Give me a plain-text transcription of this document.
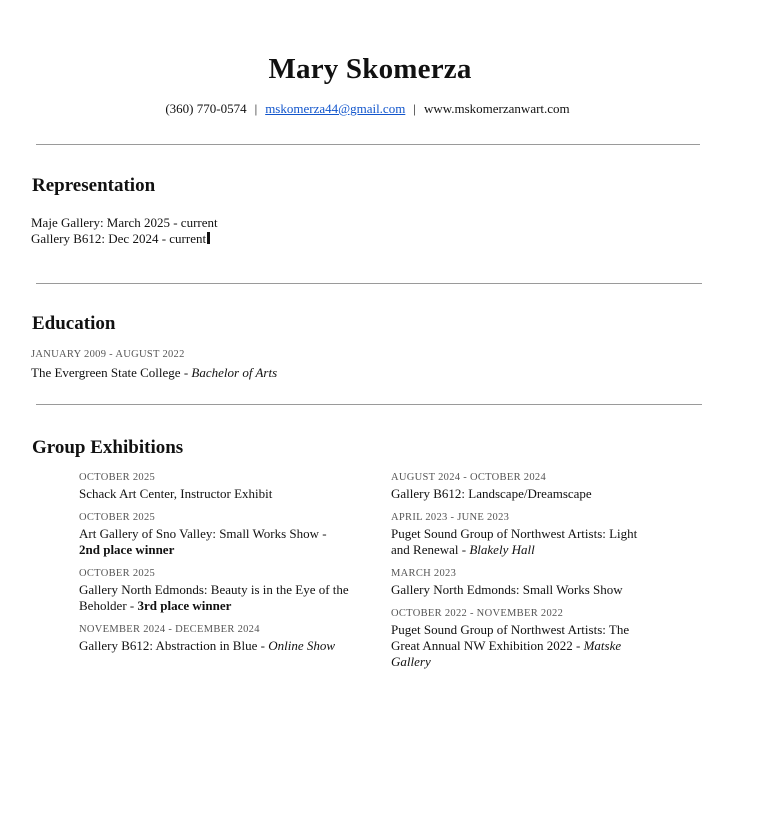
Mary Skomerza
(360) 770-0574 | mskomerza44@gmail.com | www.mskomerzanwart.com
Representation
Maje Gallery: March 2025 - current
Gallery B612: Dec 2024 - current
Education
JANUARY 2009 - AUGUST 2022
The Evergreen State College - Bachelor of Arts
Group Exhibitions
OCTOBER 2025
Schack Art Center, Instructor Exhibit
OCTOBER 2025
Art Gallery of Sno Valley: Small Works Show - 2nd place winner
OCTOBER 2025
Gallery North Edmonds: Beauty is in the Eye of the Beholder - 3rd place winner
NOVEMBER 2024 - DECEMBER 2024
Gallery B612: Abstraction in Blue - Online Show
AUGUST 2024 - OCTOBER 2024
Gallery B612: Landscape/Dreamscape
APRIL 2023 - JUNE 2023
Puget Sound Group of Northwest Artists: Light and Renewal - Blakely Hall
MARCH 2023
Gallery North Edmonds: Small Works Show
OCTOBER 2022 - NOVEMBER 2022
Puget Sound Group of Northwest Artists: The Great Annual NW Exhibition 2022 - Matske Gallery
